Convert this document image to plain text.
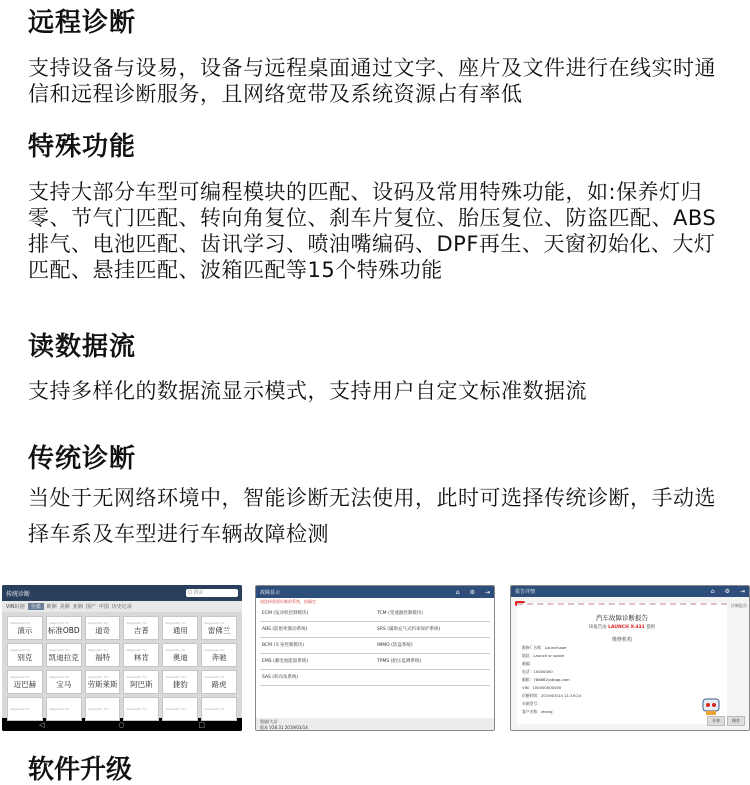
远程诊断

支持设备与设易，设备与远程桌面通过文字、座片及文件进行在线实时通信和远程诊断服务，且网络宽带及系统资源占有率低

特殊功能

支持大部分车型可编程模块的匹配、设码及常用特殊功能，如:保养灯归零、节气门匹配、转向角复位、刹车片复位、胎压复位、防盗匹配、ABS排气、电池匹配、齿讯学习、喷油嘴编码、DPF再生、天窗初始化、大灯匹配、悬挂匹配、波箱匹配等15个特殊功能

读数据流

支持多样化的数据流显示模式，支持用户自定文标准数据流

传统诊断

当处于无网络环境中，智能诊断无法使用，此时可选择传统诊断，手动选择车系及车型进行车辆故障检测

传统诊断	Q 搜索
VIN识别	全部	欧洲 美洲 亚洲 国产 中国 历史记录
diagnostic for
演示
diagnostic for
标准OBD
diagnostic for
道奇
diagnostic for
吉普
diagnostic for
通用
diagnostic for
雷佛兰
diagnostic for
别克
diagnostic for
凯迪拉克
diagnostic for
福特
diagnostic for
林肯
diagnostic for
奥迪
diagnostic for
奔驰
diagnostic for
迈巴赫
diagnostic for
宝马
diagnostic for
劳斯莱斯
diagnostic for
阿巴斯
diagnostic for
捷豹
diagnostic for
路虎
diagnostic for	diagnostic for	diagnostic for	diagnostic for	diagnostic for	diagnostic for
◁	○	□
故障显示	⌂ ⚙ ⇥
请选择需要诊断的系统，按确定
ECM (发动机控制模块)	TCM (变速器控制模块)
ABS (防抱死制动系统)	SRS (辅助充气式约束保护系统)
BCM (车身控制模块)	IMMO (防盗系统)
EMS (蓄电池能量系统)	TPMS (胎压监测系统)
SAS (转向角系统)
奥迪/大众
版本 V28.31 2019/03/14
报告详情	⌂ ⚙ ⇥
诊断报告
汽车故障诊断报告
该报告由 LAUNCH X-431 提供
维修机构
维修厂名称：Launchuser
地址：Launch sr space
邮编：
电话：10000000
邮箱：786862(ab)qq.com
VIN：100000000000
诊断时间：2019/03/14 11:19:24
车辆型号：
客户名称：zhang
分享	保存
软件升级
